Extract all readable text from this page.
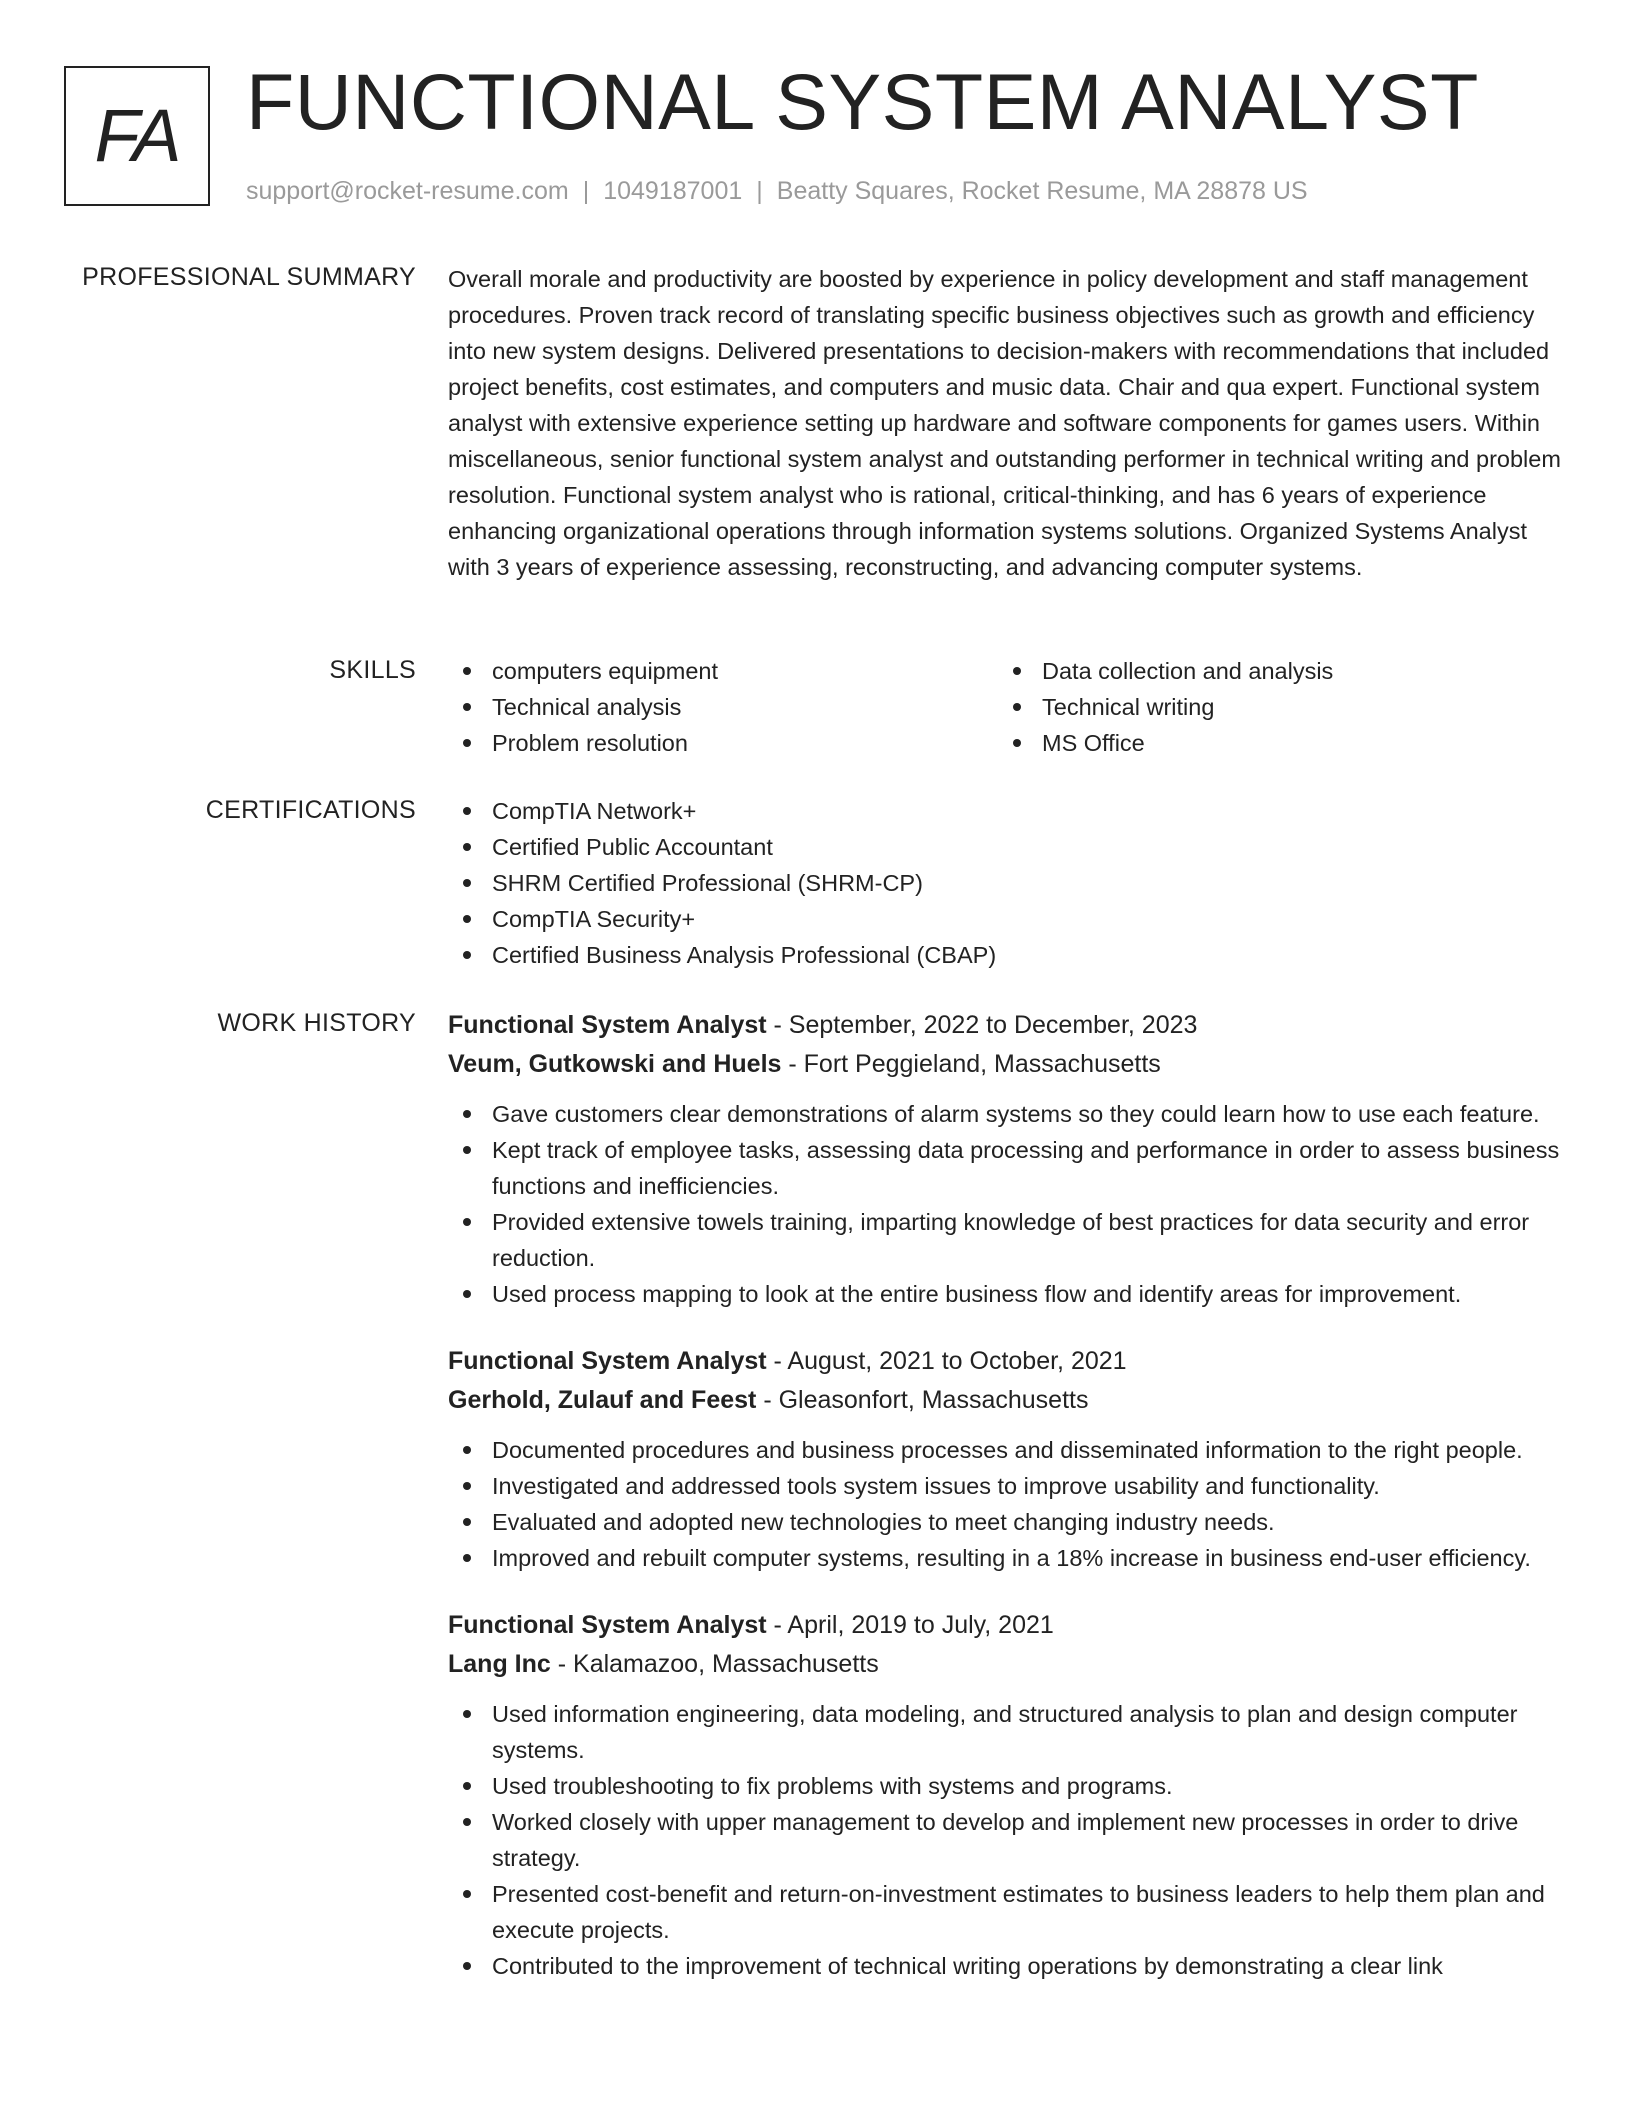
FA FUNCTIONAL SYSTEM ANALYST
support@rocket-resume.com | 1049187001 | Beatty Squares, Rocket Resume, MA 28878 US
PROFESSIONAL SUMMARY Overall morale and productivity are boosted by experience in policy development and staff management procedures. Proven track record of translating specific business objectives such as growth and efficiency into new system designs. Delivered presentations to decision-makers with recommendations that included project benefits, cost estimates, and computers and music data. Chair and qua expert. Functional system analyst with extensive experience setting up hardware and software components for games users. Within miscellaneous, senior functional system analyst and outstanding performer in technical writing and problem resolution. Functional system analyst who is rational, critical-thinking, and has 6 years of experience enhancing organizational operations through information systems solutions. Organized Systems Analyst with 3 years of experience assessing, reconstructing, and advancing computer systems.

SKILLS	computers equipment
Technical analysis
Problem resolution
Data collection and analysis
Technical writing
MS Office
CERTIFICATIONS	CompTIA Network+
Certified Public Accountant
SHRM Certified Professional (SHRM-CP)
CompTIA Security+
Certified Business Analysis Professional (CBAP)
WORK HISTORY Functional System Analyst - September, 2022 to December, 2023
Veum, Gutkowski and Huels - Fort Peggieland, Massachusetts
Gave customers clear demonstrations of alarm systems so they could learn how to use each feature.
Kept track of employee tasks, assessing data processing and performance in order to assess business functions and inefficiencies.
Provided extensive towels training, imparting knowledge of best practices for data security and error reduction.
Used process mapping to look at the entire business flow and identify areas for improvement.
Functional System Analyst - August, 2021 to October, 2021
Gerhold, Zulauf and Feest - Gleasonfort, Massachusetts
Documented procedures and business processes and disseminated information to the right people.
Investigated and addressed tools system issues to improve usability and functionality.
Evaluated and adopted new technologies to meet changing industry needs.
Improved and rebuilt computer systems, resulting in a 18% increase in business end-user efficiency.
Functional System Analyst - April, 2019 to July, 2021
Lang Inc - Kalamazoo, Massachusetts
Used information engineering, data modeling, and structured analysis to plan and design computer systems.
Used troubleshooting to fix problems with systems and programs.
Worked closely with upper management to develop and implement new processes in order to drive strategy.
Presented cost-benefit and return-on-investment estimates to business leaders to help them plan and execute projects.
Contributed to the improvement of technical writing operations by demonstrating a clear link
